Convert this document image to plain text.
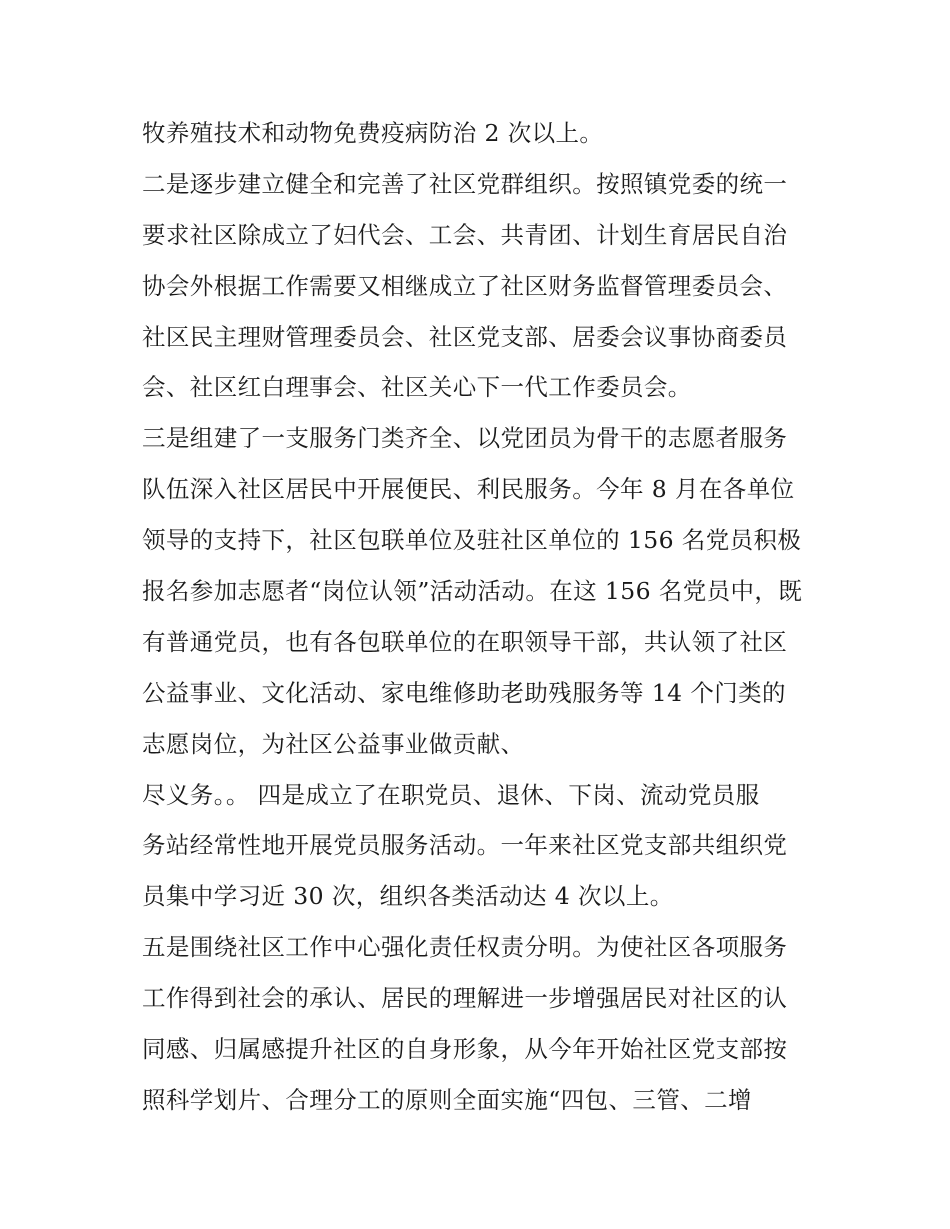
牧养殖技术和动物免费疫病防治 2 次以上。
二是逐步建立健全和完善了社区党群组织。按照镇党委的统一
要求社区除成立了妇代会、工会、共青团、计划生育居民自治
协会外根据工作需要又相继成立了社区财务监督管理委员会、
社区民主理财管理委员会、社区党支部、居委会议事协商委员
会、社区红白理事会、社区关心下一代工作委员会。
三是组建了一支服务门类齐全、以党团员为骨干的志愿者服务
队伍深入社区居民中开展便民、利民服务。今年 8 月在各单位
领导的支持下，社区包联单位及驻社区单位的 156 名党员积极
报名参加志愿者“岗位认领”活动活动。在这 156 名党员中，既
有普通党员，也有各包联单位的在职领导干部，共认领了社区
公益事业、文化活动、家电维修助老助残服务等 14 个门类的
志愿岗位，为社区公益事业做贡献、
尽义务。。 四是成立了在职党员、退休、下岗、流动党员服
务站经常性地开展党员服务活动。一年来社区党支部共组织党
员集中学习近 30 次，组织各类活动达 4 次以上。
五是围绕社区工作中心强化责任权责分明。为使社区各项服务
工作得到社会的承认、居民的理解进一步增强居民对社区的认
同感、归属感提升社区的自身形象，从今年开始社区党支部按
照科学划片、合理分工的原则全面实施“四包、三管、二增
